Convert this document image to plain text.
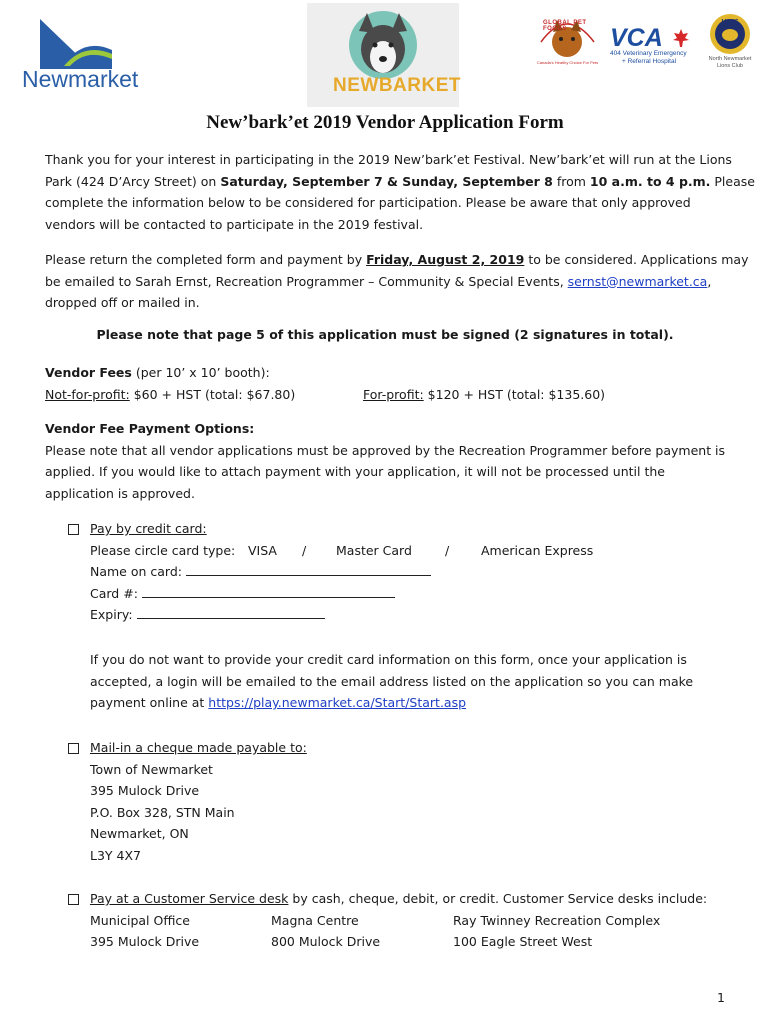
Newmarket	NEWBARKET
GLOBAL PET FOODS
Canada's Healthy Choice For Pets
VCA
404 Veterinary Emergency
+ Referral Hospital
LIONS
North Newmarket
Lions Club
New’bark’et 2019 Vendor Application Form
Thank you for your interest in participating in the 2019 New’bark’et Festival. New’bark’et will run at the Lions
Park (424 D’Arcy Street) on Saturday, September 7 & Sunday, September 8 from 10 a.m. to 4 p.m. Please
complete the information below to be considered for participation. Please be aware that only approved
vendors will be contacted to participate in the 2019 festival.
Please return the completed form and payment by Friday, August 2, 2019 to be considered. Applications may
be emailed to Sarah Ernst, Recreation Programmer – Community & Special Events, sernst@newmarket.ca,
dropped off or mailed in.
Please note that page 5 of this application must be signed (2 signatures in total).
Vendor Fees (per 10’ x 10’ booth):
Not-for-profit: $60 + HST (total: $67.80)	For-profit: $120 + HST (total: $135.60)
Vendor Fee Payment Options:
Please note that all vendor applications must be approved by the Recreation Programmer before payment is
applied. If you would like to attach payment with your application, it will not be processed until the
application is approved.
Pay by credit card:
Please circle card type: VISA / Master Card	/	American Express
Name on card:
Card #:
Expiry:
If you do not want to provide your credit card information on this form, once your application is
accepted, a login will be emailed to the email address listed on the application so you can make
payment online at https://play.newmarket.ca/Start/Start.asp
Mail-in a cheque made payable to:
Town of Newmarket
395 Mulock Drive
P.O. Box 328, STN Main
Newmarket, ON
L3Y 4X7
Pay at a Customer Service desk by cash, cheque, debit, or credit. Customer Service desks include:
Municipal Office	Magna Centre	Ray Twinney Recreation Complex
395 Mulock Drive	800 Mulock Drive	100 Eagle Street West
1
